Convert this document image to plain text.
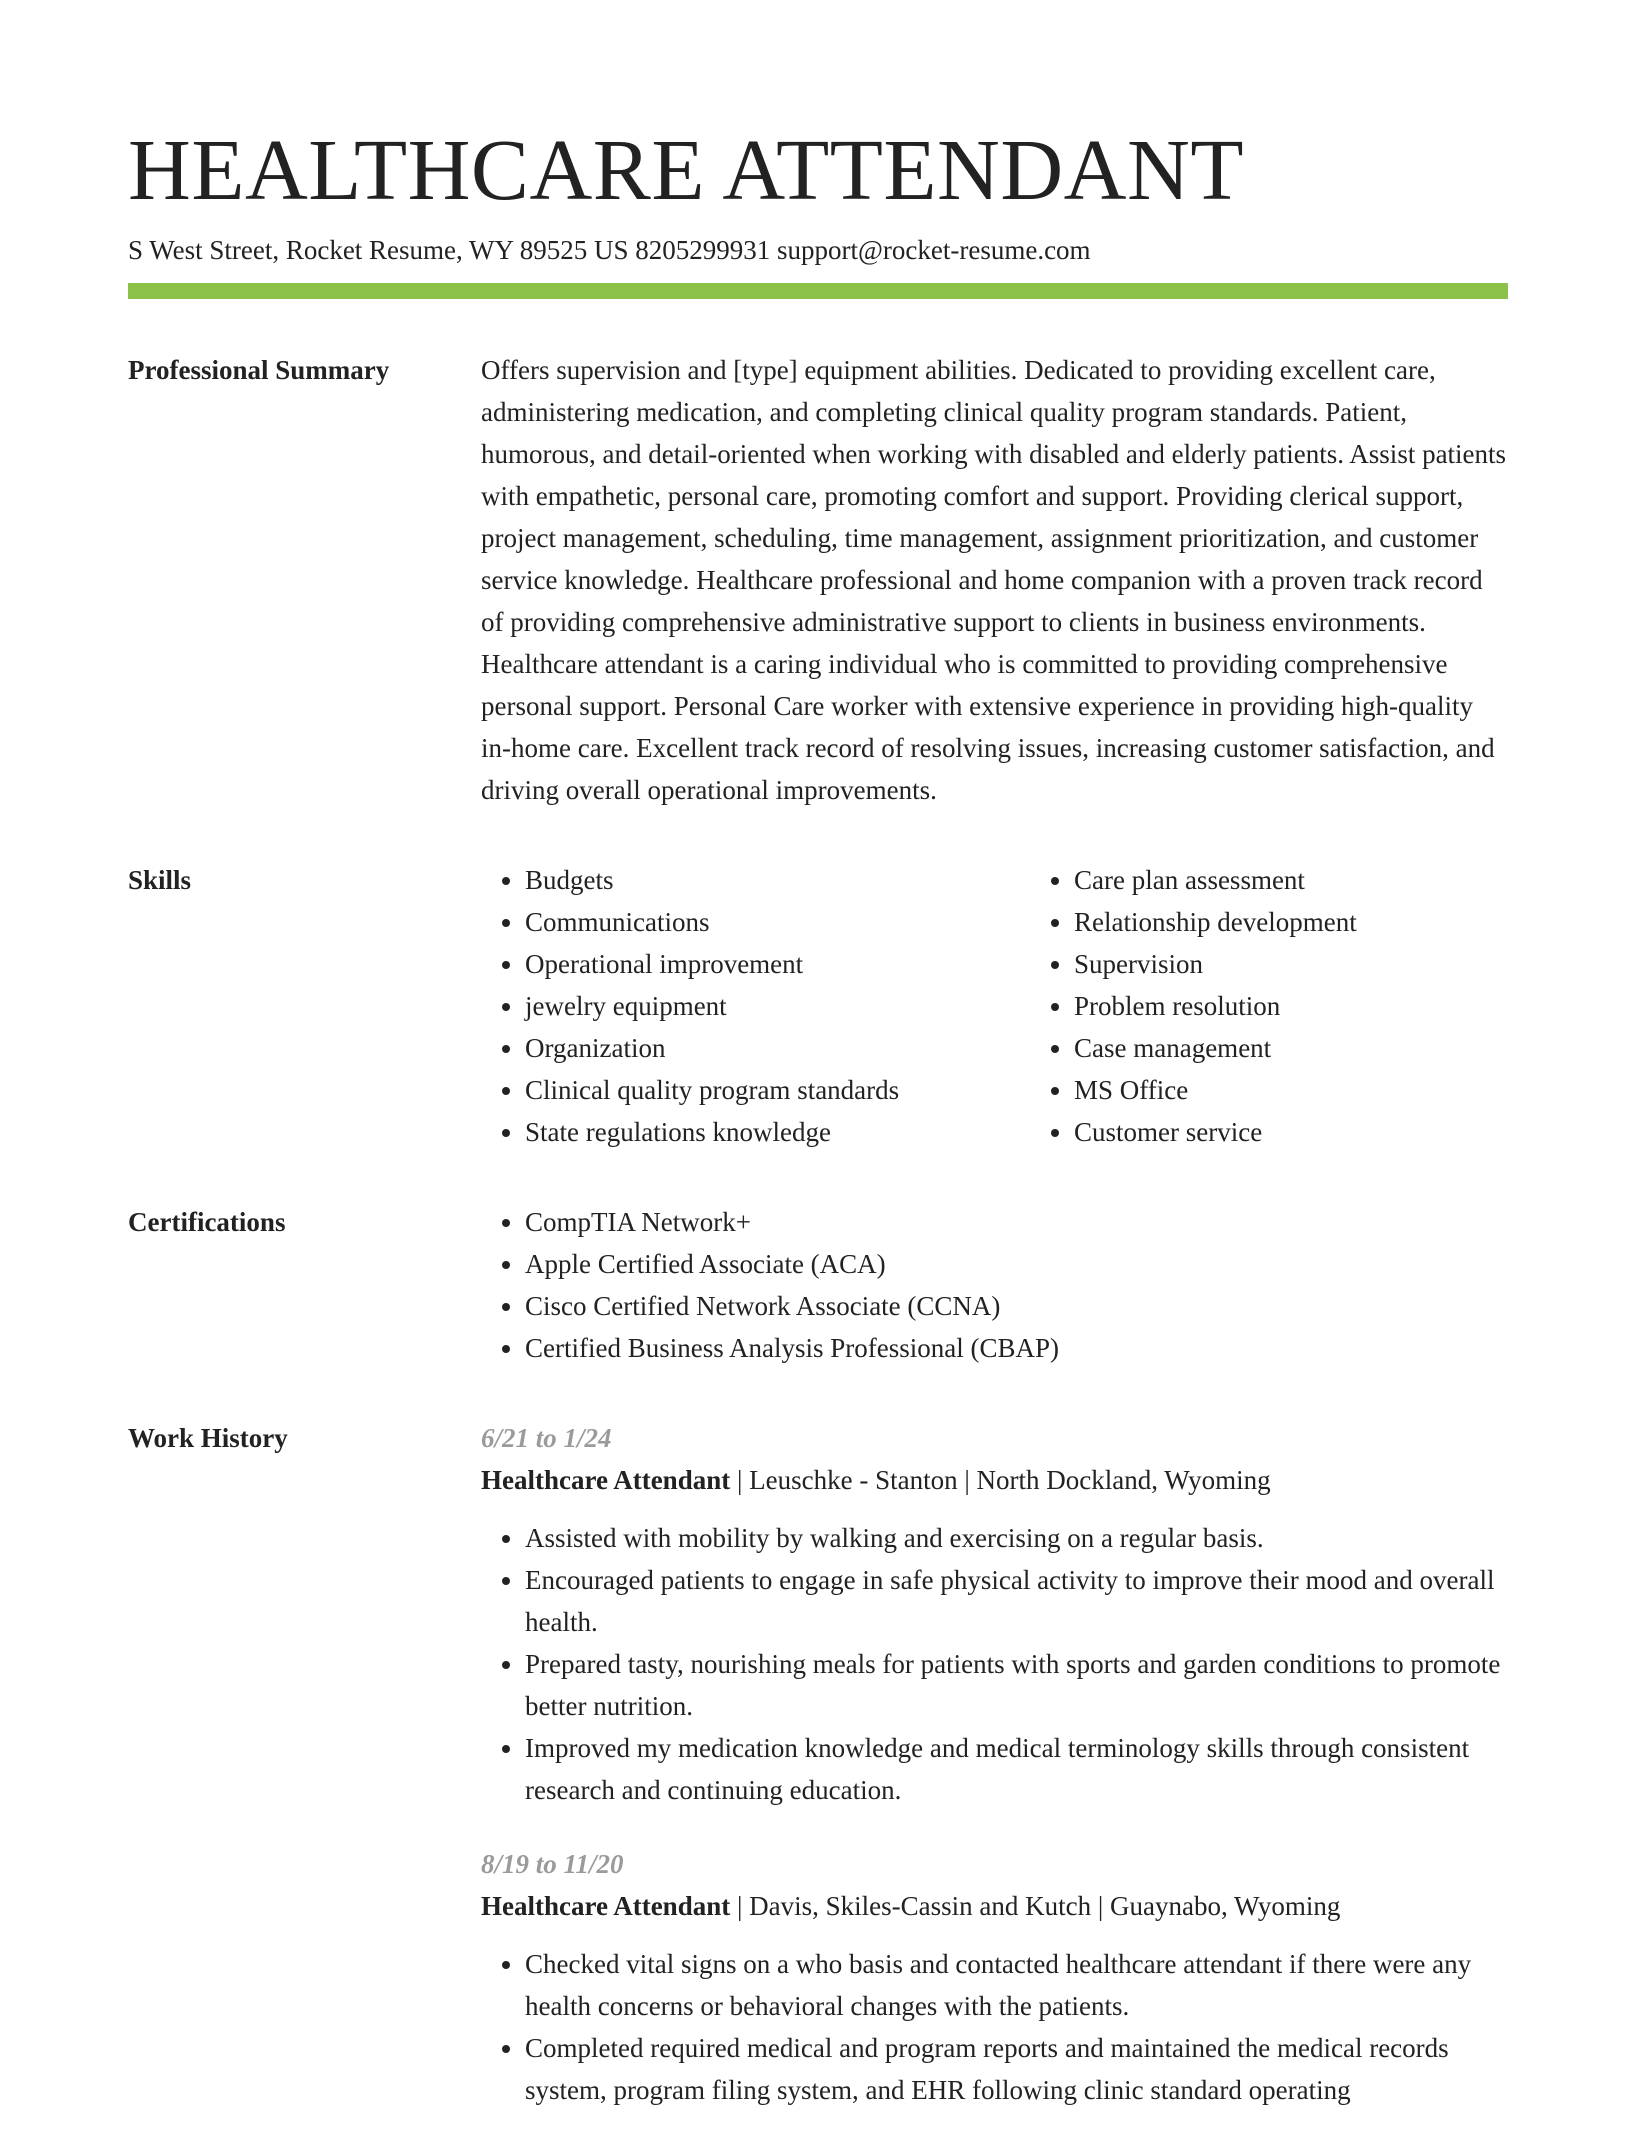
HEALTHCARE ATTENDANT
S West Street, Rocket Resume, WY 89525 US 8205299931 support@rocket-resume.com
Professional Summary	Offers supervision and [type] equipment abilities. Dedicated to providing excellent care, administering medication, and completing clinical quality program standards. Patient, humorous, and detail-oriented when working with disabled and elderly patients. Assist patients with empathetic, personal care, promoting comfort and support. Providing clerical support, project management, scheduling, time management, assignment prioritization, and customer service knowledge. Healthcare professional and home companion with a proven track record of providing comprehensive administrative support to clients in business environments. Healthcare attendant is a caring individual who is committed to providing comprehensive personal support. Personal Care worker with extensive experience in providing high-quality in-home care. Excellent track record of resolving issues, increasing customer satisfaction, and driving overall operational improvements.

Skills	• Budgets
• Communications
• Operational improvement
• jewelry equipment
• Organization
• Clinical quality program standards
• State regulations knowledge
• Care plan assessment
• Relationship development
• Supervision
• Problem resolution
• Case management
• MS Office
• Customer service
Certifications	• CompTIA Network+
• Apple Certified Associate (ACA)
• Cisco Certified Network Associate (CCNA)
• Certified Business Analysis Professional (CBAP)
Work History	6/21 to 1/24
Healthcare Attendant | Leuschke - Stanton | North Dockland, Wyoming
• Assisted with mobility by walking and exercising on a regular basis.
• Encouraged patients to engage in safe physical activity to improve their mood and overall health.
• Prepared tasty, nourishing meals for patients with sports and garden conditions to promote better nutrition.
• Improved my medication knowledge and medical terminology skills through consistent research and continuing education.
8/19 to 11/20
Healthcare Attendant | Davis, Skiles-Cassin and Kutch | Guaynabo, Wyoming
• Checked vital signs on a who basis and contacted healthcare attendant if there were any health concerns or behavioral changes with the patients.
• Completed required medical and program reports and maintained the medical records system, program filing system, and EHR following clinic standard operating
